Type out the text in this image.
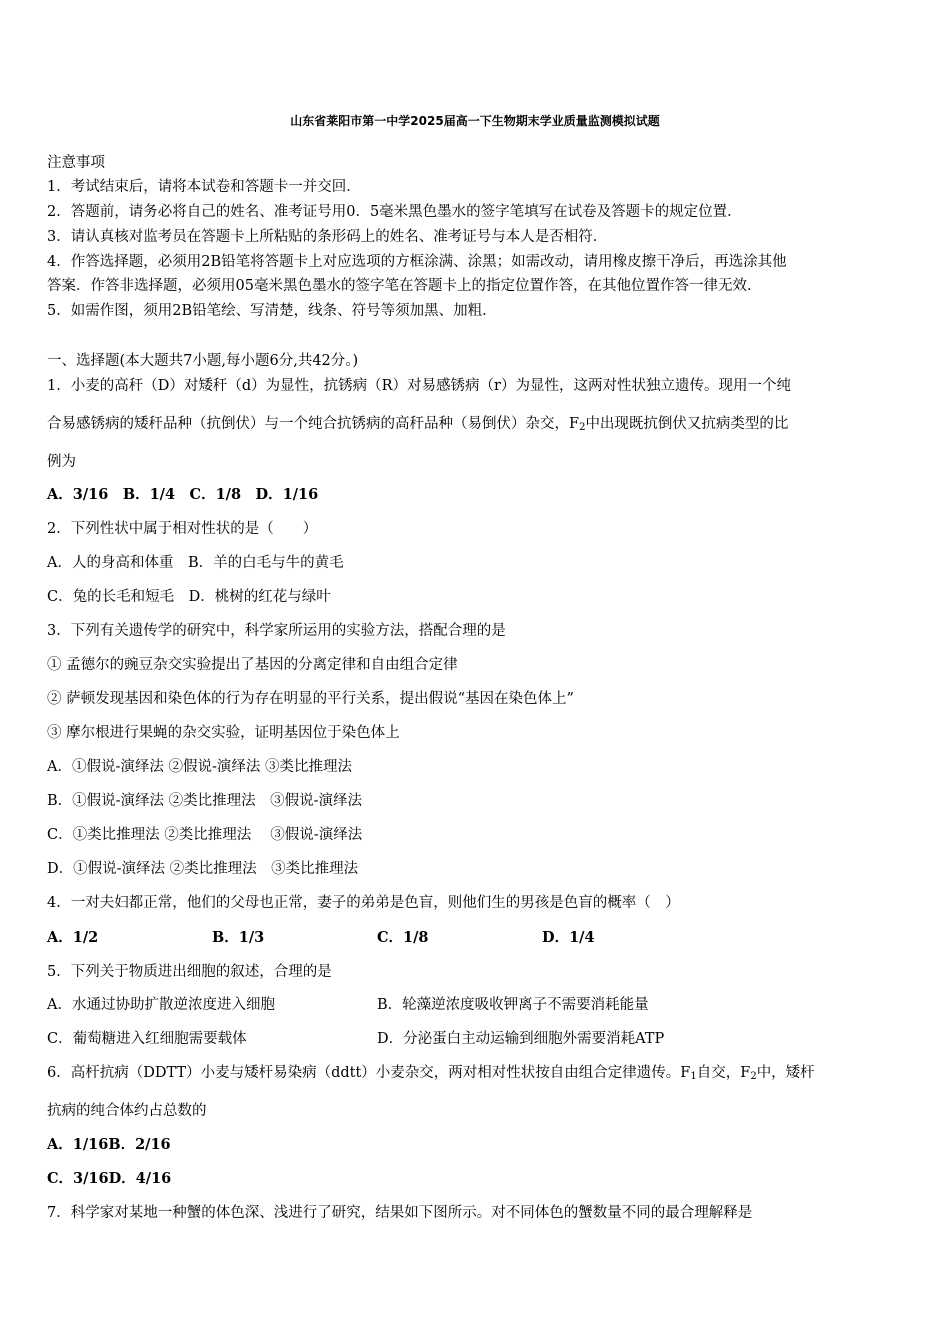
山东省莱阳市第一中学2025届高一下生物期末学业质量监测模拟试题
注意事项
1．考试结束后，请将本试卷和答题卡一并交回．
2．答题前，请务必将自己的姓名、准考证号用0．5毫米黑色墨水的签字笔填写在试卷及答题卡的规定位置．
3．请认真核对监考员在答题卡上所粘贴的条形码上的姓名、准考证号与本人是否相符．
4．作答选择题，必须用2B铅笔将答题卡上对应选项的方框涂满、涂黑；如需改动，请用橡皮擦干净后，再选涂其他
答案．作答非选择题，必须用05毫米黑色墨水的签字笔在答题卡上的指定位置作答，在其他位置作答一律无效．
5．如需作图，须用2B铅笔绘、写清楚，线条、符号等须加黑、加粗．
一、选择题(本大题共7小题,每小题6分,共42分。)
1．小麦的高秆（D）对矮秆（d）为显性，抗锈病（R）对易感锈病（r）为显性，这两对性状独立遗传。现用一个纯
合易感锈病的矮秆品种（抗倒伏）与一个纯合抗锈病的高秆品种（易倒伏）杂交，$F_2$中出现既抗倒伏又抗病类型的比
例为
A．3/16　B．1/4　C．1/8　D．1/16
2．下列性状中属于相对性状的是（　　）
A．人的身高和体重　 B．羊的白毛与牛的黄毛
C．兔的长毛和短毛　 D．桃树的红花与绿叶
3．下列有关遗传学的研究中，科学家所运用的实验方法，搭配合理的是
① 孟德尔的豌豆杂交实验提出了基因的分离定律和自由组合定律
② 萨顿发现基因和染色体的行为存在明显的平行关系，提出假说“基因在染色体上”
③ 摩尔根进行果蝇的杂交实验，证明基因位于染色体上
A．①假说-演绎法 ②假说-演绎法 ③类比推理法
B．①假说-演绎法 ②类比推理法　③假说-演绎法
C．①类比推理法 ②类比推理法　 ③假说-演绎法
D．①假说-演绎法 ②类比推理法　③类比推理法
4．一对夫妇都正常，他们的父母也正常，妻子的弟弟是色盲，则他们生的男孩是色盲的概率（　）
A．1/2	B．1/3	C．1/8	D．1/4
5．下列关于物质进出细胞的叙述，合理的是
A．水通过协助扩散逆浓度进入细胞	B．轮藻逆浓度吸收钾离子不需要消耗能量
C．葡萄糖进入红细胞需要载体	D．分泌蛋白主动运输到细胞外需要消耗ATP
6．高杆抗病（DDTT）小麦与矮杆易染病（ddtt）小麦杂交，两对相对性状按自由组合定律遗传。$F_1$自交，$F_2$中，矮杆
抗病的纯合体约占总数的
A．1/16B．2/16
C．3/16D．4/16
7．科学家对某地一种蟹的体色深、浅进行了研究，结果如下图所示。对不同体色的蟹数量不同的最合理解释是
